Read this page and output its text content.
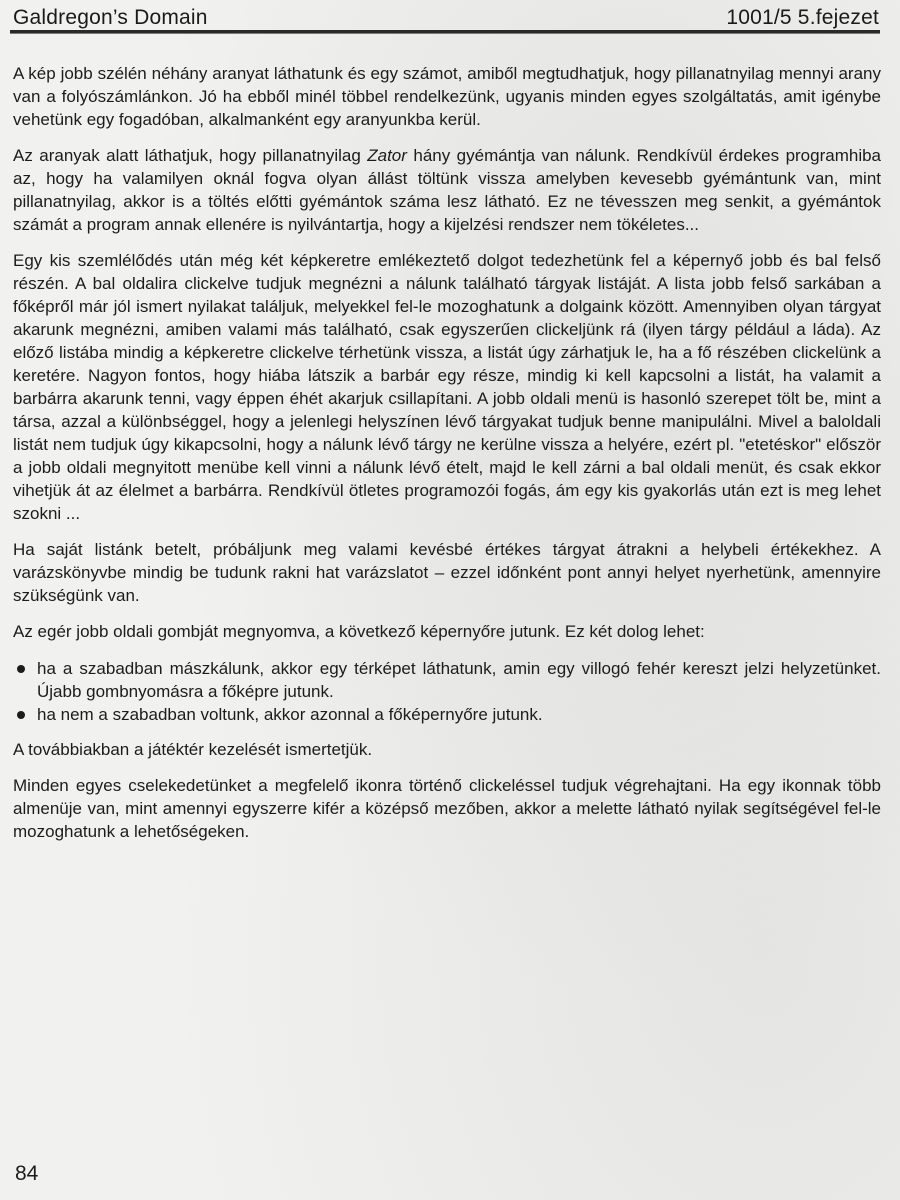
Galdregon’s Domain	1001/5 5.fejezet

A kép jobb szélén néhány aranyat láthatunk és egy számot, amiből megtudhatjuk, hogy pillanatnyilag mennyi arany van a folyószámlánkon. Jó ha ebből minél többel rendelkezünk, ugyanis minden egyes szolgáltatás, amit igénybe vehetünk egy fogadóban, alkalmanként egy aranyunkba kerül.

Az aranyak alatt láthatjuk, hogy pillanatnyilag Zator hány gyémántja van nálunk. Rendkívül érdekes programhiba az, hogy ha valamilyen oknál fogva olyan állást töltünk vissza amelyben kevesebb gyémántunk van, mint pillanatnyilag, akkor is a töltés előtti gyémántok száma lesz látható. Ez ne tévesszen meg senkit, a gyémántok számát a program annak ellenére is nyilvántartja, hogy a kijelzési rendszer nem tökéletes...

Egy kis szemlélődés után még két képkeretre emlékeztető dolgot tedezhetünk fel a képernyő jobb és bal felső részén. A bal oldalira clickelve tudjuk megnézni a nálunk található tárgyak listáját. A lista jobb felső sarkában a főképről már jól ismert nyilakat találjuk, melyekkel fel-le mozoghatunk a dolgaink között. Amennyiben olyan tárgyat akarunk megnézni, amiben valami más található, csak egyszerűen clickeljünk rá (ilyen tárgy például a láda). Az előző listába mindig a képkeretre clickelve térhetünk vissza, a listát úgy zárhatjuk le, ha a fő részében clickelünk a keretére. Nagyon fontos, hogy hiába látszik a barbár egy része, mindig ki kell kapcsolni a listát, ha valamit a barbárra akarunk tenni, vagy éppen éhét akarjuk csillapítani. A jobb oldali menü is hasonló szerepet tölt be, mint a társa, azzal a különbséggel, hogy a jelenlegi helyszínen lévő tárgyakat tudjuk benne manipulálni. Mivel a baloldali listát nem tudjuk úgy kikapcsolni, hogy a nálunk lévő tárgy ne kerülne vissza a helyére, ezért pl. "etetéskor" először a jobb oldali megnyitott menübe kell vinni a nálunk lévő ételt, majd le kell zárni a bal oldali menüt, és csak ekkor vihetjük át az élelmet a barbárra. Rendkívül ötletes programozói fogás, ám egy kis gyakorlás után ezt is meg lehet szokni ...

Ha saját listánk betelt, próbáljunk meg valami kevésbé értékes tárgyat átrakni a helybeli értékekhez. A varázskönyvbe mindig be tudunk rakni hat varázslatot – ezzel időnként pont annyi helyet nyerhetünk, amennyire szükségünk van.

Az egér jobb oldali gombját megnyomva, a következő képernyőre jutunk. Ez két dolog lehet:

ha a szabadban mászkálunk, akkor egy térképet láthatunk, amin egy villogó fehér kereszt jelzi helyzetünket. Újabb gombnyomásra a főképre jutunk.
ha nem a szabadban voltunk, akkor azonnal a főképernyőre jutunk.

A továbbiakban a játéktér kezelését ismertetjük.

Minden egyes cselekedetünket a megfelelő ikonra történő clickeléssel tudjuk végrehajtani. Ha egy ikonnak több almenüje van, mint amennyi egyszerre kifér a középső mezőben, akkor a melette látható nyilak segítségével fel-le mozoghatunk a lehetőségeken.

84
